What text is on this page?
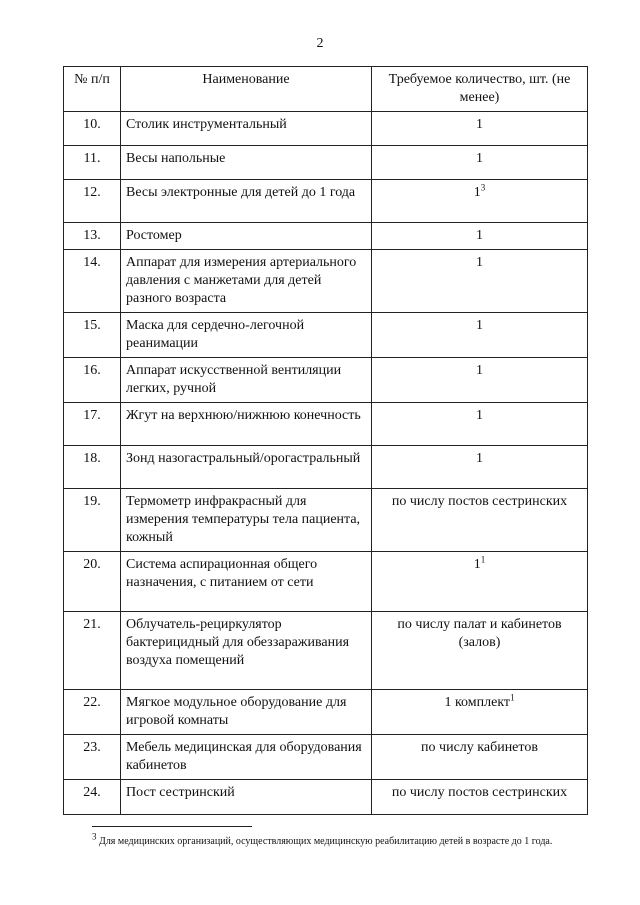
2
№ п/п	Наименование	Требуемое количество, шт. (не менее)
10.	Столик инструментальный	1
11.	Весы напольные	1
12.	Весы электронные для детей до 1 года	$1^3$
13.	Ростомер	1
14.	Аппарат для измерения артериального давления с манжетами для детей разного возраста	1
15.	Маска для сердечно-легочной реанимации	1
16.	Аппарат искусственной вентиляции легких, ручной	1
17.	Жгут на верхнюю/нижнюю конечность	1
18.	Зонд назогастральный/орогастральный	1
19.	Термометр инфракрасный для измерения температуры тела пациента, кожный	по числу постов сестринских
20.	Система аспирационная общего назначения, с питанием от сети	$1^1$
21.	Облучатель-рециркулятор бактерицидный для обеззараживания воздуха помещений	по числу палат и кабинетов (залов)
22.	Мягкое модульное оборудование для игровой комнаты	1 комплект$^1$
23.	Мебель медицинская для оборудования кабинетов	по числу кабинетов
24.	Пост сестринский	по числу постов сестринских
$^3$ Для медицинских организаций, осуществляющих медицинскую реабилитацию детей в возрасте до 1 года.
